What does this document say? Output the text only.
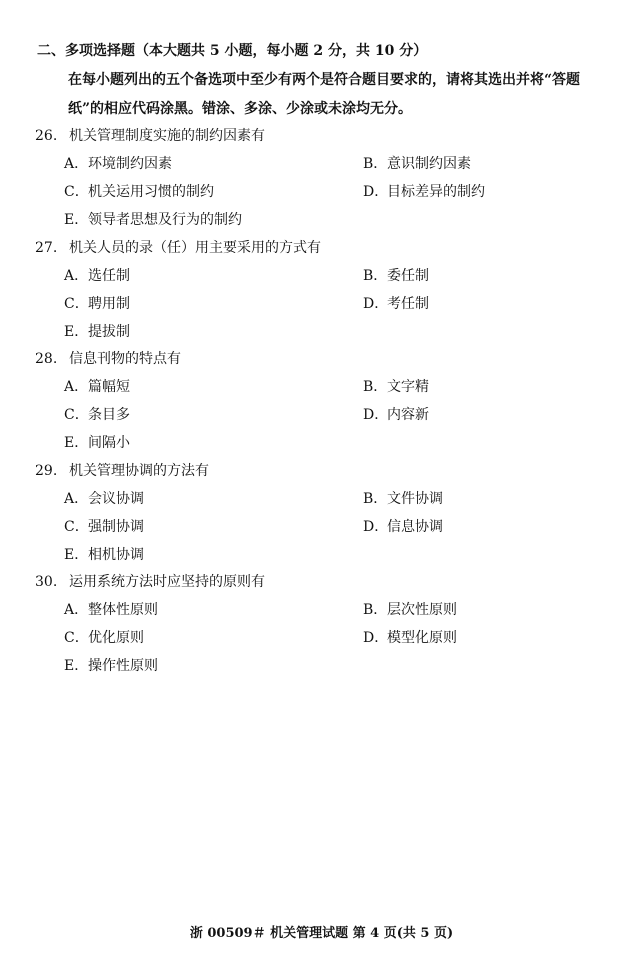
二、多项选择题（本大题共 5 小题，每小题 2 分，共 10 分）
在每小题列出的五个备选项中至少有两个是符合题目要求的，请将其选出并将“答题
纸”的相应代码涂黑。错涂、多涂、少涂或未涂均无分。
26. 机关管理制度实施的制约因素有
A．环境制约因素	B．意识制约因素
C．机关运用习惯的制约	D．目标差异的制约
E．领导者思想及行为的制约
27. 机关人员的录（任）用主要采用的方式有
A．选任制	B．委任制
C．聘用制	D．考任制
E．提拔制
28. 信息刊物的特点有
A．篇幅短	B．文字精
C．条目多	D．内容新
E．间隔小
29. 机关管理协调的方法有
A．会议协调	B．文件协调
C．强制协调	D．信息协调
E．相机协调
30. 运用系统方法时应坚持的原则有
A．整体性原则	B．层次性原则
C．优化原则	D．模型化原则
E．操作性原则
浙 00509＃ 机关管理试题 第 4 页(共 5 页)
